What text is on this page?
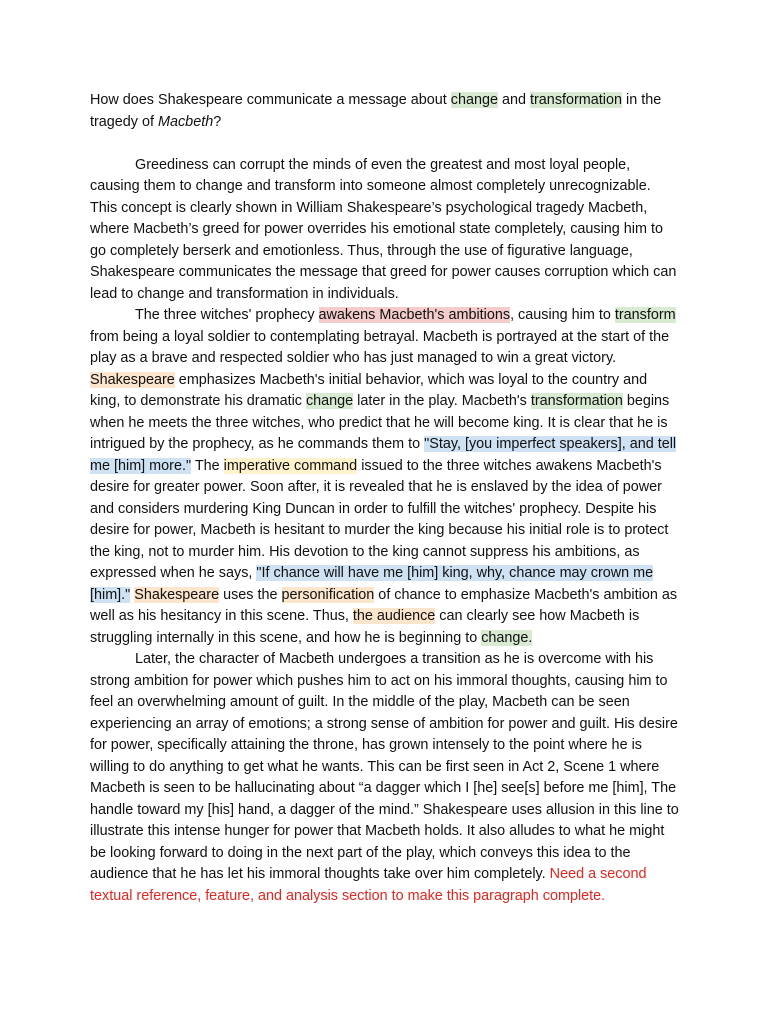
How does Shakespeare communicate a message about change and transformation in the tragedy of Macbeth?

Greediness can corrupt the minds of even the greatest and most loyal people, causing them to change and transform into someone almost completely unrecognizable. This concept is clearly shown in William Shakespeare’s psychological tragedy Macbeth, where Macbeth’s greed for power overrides his emotional state completely, causing him to go completely berserk and emotionless. Thus, through the use of figurative language, Shakespeare communicates the message that greed for power causes corruption which can lead to change and transformation in individuals.

The three witches' prophecy awakens Macbeth's ambitions, causing him to transform from being a loyal soldier to contemplating betrayal. Macbeth is portrayed at the start of the play as a brave and respected soldier who has just managed to win a great victory. Shakespeare emphasizes Macbeth's initial behavior, which was loyal to the country and king, to demonstrate his dramatic change later in the play. Macbeth's transformation begins when he meets the three witches, who predict that he will become king. It is clear that he is intrigued by the prophecy, as he commands them to "Stay, [you imperfect speakers], and tell me [him] more." The imperative command issued to the three witches awakens Macbeth's desire for greater power. Soon after, it is revealed that he is enslaved by the idea of power and considers murdering King Duncan in order to fulfill the witches' prophecy. Despite his desire for power, Macbeth is hesitant to murder the king because his initial role is to protect the king, not to murder him. His devotion to the king cannot suppress his ambitions, as expressed when he says, "If chance will have me [him] king, why, chance may crown me [him]." Shakespeare uses the personification of chance to emphasize Macbeth's ambition as well as his hesitancy in this scene. Thus, the audience can clearly see how Macbeth is struggling internally in this scene, and how he is beginning to change.

Later, the character of Macbeth undergoes a transition as he is overcome with his strong ambition for power which pushes him to act on his immoral thoughts, causing him to feel an overwhelming amount of guilt. In the middle of the play, Macbeth can be seen experiencing an array of emotions; a strong sense of ambition for power and guilt. His desire for power, specifically attaining the throne, has grown intensely to the point where he is willing to do anything to get what he wants. This can be first seen in Act 2, Scene 1 where Macbeth is seen to be hallucinating about “a dagger which I [he] see[s] before me [him], The handle toward my [his] hand, a dagger of the mind.” Shakespeare uses allusion in this line to illustrate this intense hunger for power that Macbeth holds. It also alludes to what he might be looking forward to doing in the next part of the play, which conveys this idea to the audience that he has let his immoral thoughts take over him completely. Need a second textual reference, feature, and analysis section to make this paragraph complete.
